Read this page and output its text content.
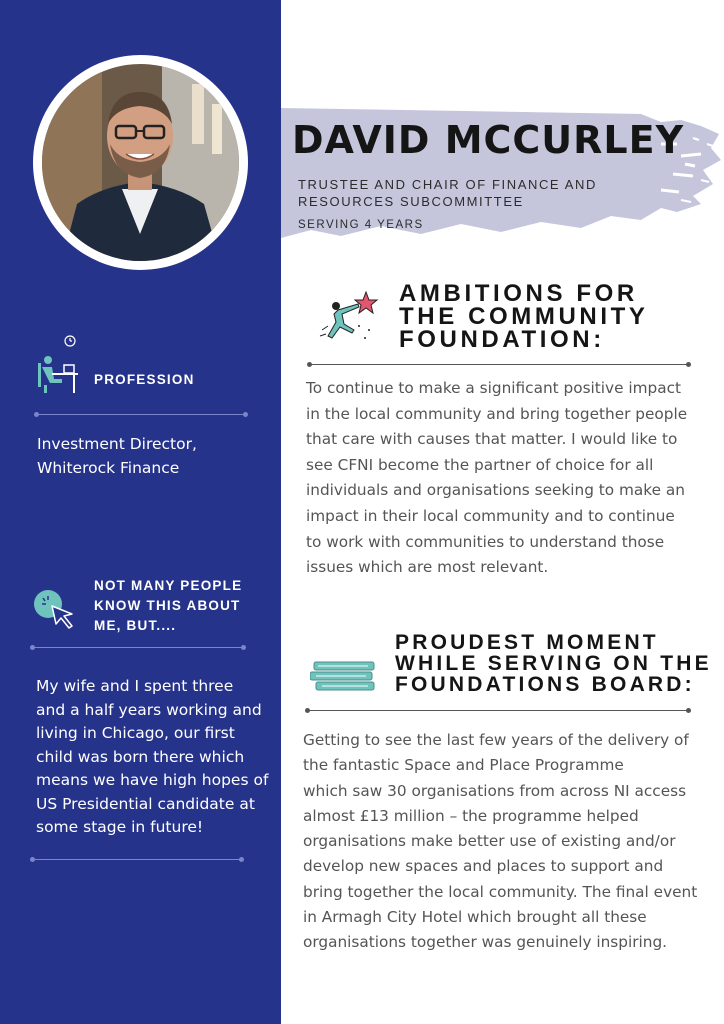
PROFESSION
Investment Director,
Whiterock Finance
NOT MANY PEOPLE
KNOW THIS ABOUT
ME, BUT....
My wife and I spent three
and a half years working and
living in Chicago, our first
child was born there which
means we have high hopes of
US Presidential candidate at
some stage in future!
DAVID MCCURLEY
TRUSTEE AND CHAIR OF FINANCE AND RESOURCES SUBCOMMITTEE
SERVING 4 YEARS
AMBITIONS FOR
THE COMMUNITY
FOUNDATION:
To continue to make a significant positive impact
in the local community and bring together people
that care with causes that matter. I would like to
see CFNI become the partner of choice for all
individuals and organisations seeking to make an
impact in their local community and to continue
to work with communities to understand those
issues which are most relevant.
PROUDEST MOMENT
WHILE SERVING ON THE
FOUNDATIONS BOARD:
Getting to see the last few years of the delivery of
the fantastic Space and Place Programme
which saw 30 organisations from across NI access
almost £13 million – the programme helped
organisations make better use of existing and/or
develop new spaces and places to support and
bring together the local community. The final event
in Armagh City Hotel which brought all these
organisations together was genuinely inspiring.
